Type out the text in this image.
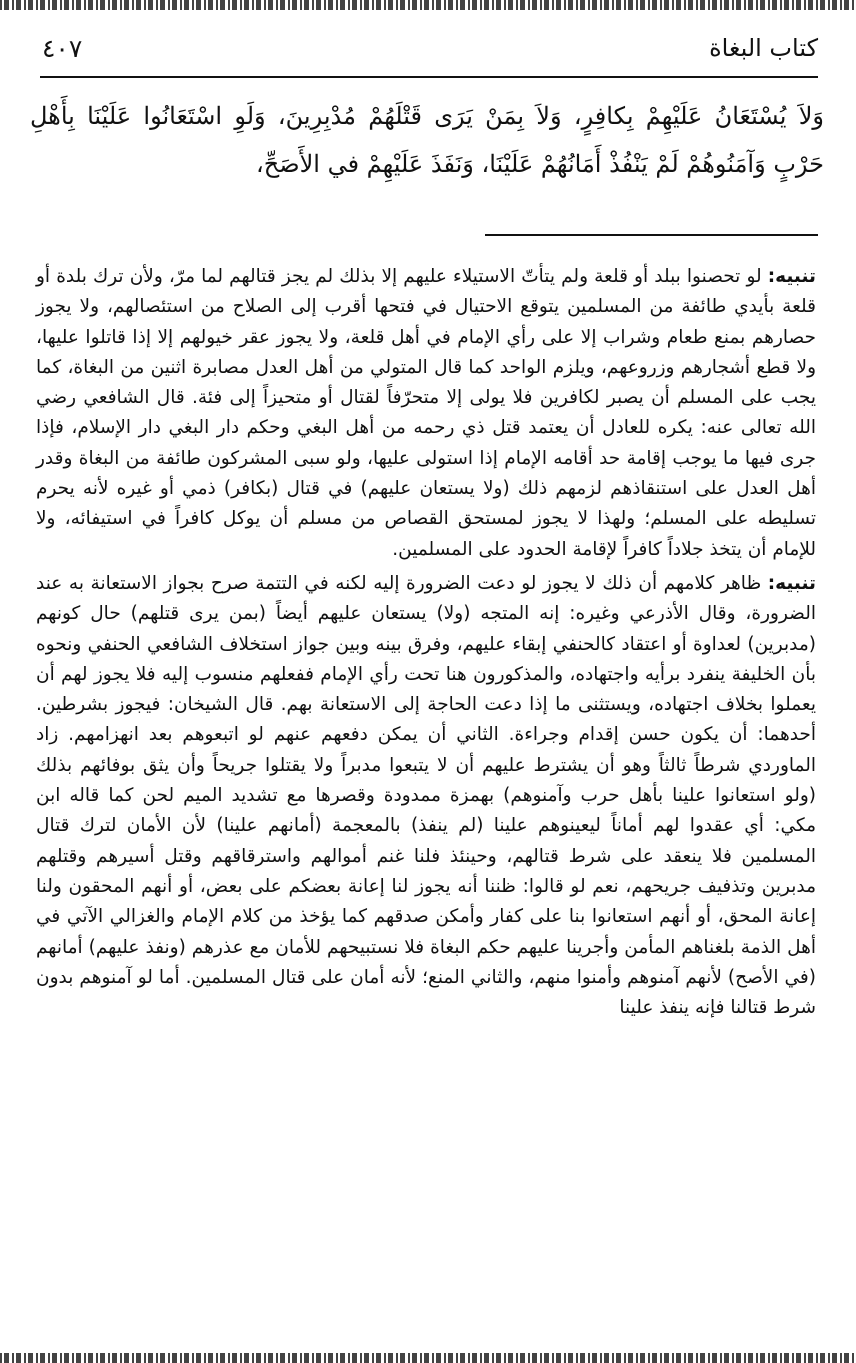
٤٠٧	كتاب البغاة

وَلاَ يُسْتَعَانُ عَلَيْهِمْ بِكافِرٍ، وَلاَ بِمَنْ يَرَى قَتْلَهُمْ مُدْبِرِينَ، وَلَوِ اسْتَعَانُوا عَلَيْنَا بِأَهْلِ حَرْبٍ وَآمَنُوهُمْ لَمْ يَنْفُذْ أَمَانُهُمْ عَلَيْنَا، وَنَفَذَ عَلَيْهِمْ في الأَصَحِّ،

تنبيه: لو تحصنوا ببلد أو قلعة ولم يتأتّ الاستيلاء عليهم إلا بذلك لم يجز قتالهم لما مرّ، ولأن ترك بلدة أو قلعة بأيدي طائفة من المسلمين يتوقع الاحتيال في فتحها أقرب إلى الصلاح من استئصالهم، ولا يجوز حصارهم بمنع طعام وشراب إلا على رأي الإمام في أهل قلعة، ولا يجوز عقر خيولهم إلا إذا قاتلوا عليها، ولا قطع أشجارهم وزروعهم، ويلزم الواحد كما قال المتولي من أهل العدل مصابرة اثنين من البغاة، كما يجب على المسلم أن يصبر لكافرين فلا يولى إلا متحرّفاً لقتال أو متحيزاً إلى فئة. قال الشافعي رضي الله تعالى عنه: يكره للعادل أن يعتمد قتل ذي رحمه من أهل البغي وحكم دار البغي دار الإسلام، فإذا جرى فيها ما يوجب إقامة حد أقامه الإمام إذا استولى عليها، ولو سبى المشركون طائفة من البغاة وقدر أهل العدل على استنقاذهم لزمهم ذلك (ولا يستعان عليهم) في قتال (بكافر) ذمي أو غيره لأنه يحرم تسليطه على المسلم؛ ولهذا لا يجوز لمستحق القصاص من مسلم أن يوكل كافراً في استيفائه، ولا للإمام أن يتخذ جلاداً كافراً لإقامة الحدود على المسلمين.

تنبيه: ظاهر كلامهم أن ذلك لا يجوز لو دعت الضرورة إليه لكنه في التتمة صرح بجواز الاستعانة به عند الضرورة، وقال الأذرعي وغيره: إنه المتجه (ولا) يستعان عليهم أيضاً (بمن يرى قتلهم) حال كونهم (مدبرين) لعداوة أو اعتقاد كالحنفي إبقاء عليهم، وفرق بينه وبين جواز استخلاف الشافعي الحنفي ونحوه بأن الخليفة ينفرد برأيه واجتهاده، والمذكورون هنا تحت رأي الإمام ففعلهم منسوب إليه فلا يجوز لهم أن يعملوا بخلاف اجتهاده، ويستثنى ما إذا دعت الحاجة إلى الاستعانة بهم. قال الشيخان: فيجوز بشرطين. أحدهما: أن يكون حسن إقدام وجراءة. الثاني أن يمكن دفعهم عنهم لو اتبعوهم بعد انهزامهم. زاد الماوردي شرطاً ثالثاً وهو أن يشترط عليهم أن لا يتبعوا مدبراً ولا يقتلوا جريحاً وأن يثق بوفائهم بذلك (ولو استعانوا علينا بأهل حرب وآمنوهم) بهمزة ممدودة وقصرها مع تشديد الميم لحن كما قاله ابن مكي: أي عقدوا لهم أماناً ليعينوهم علينا (لم ينفذ) بالمعجمة (أمانهم علينا) لأن الأمان لترك قتال المسلمين فلا ينعقد على شرط قتالهم، وحينئذ فلنا غنم أموالهم واسترقاقهم وقتل أسيرهم وقتلهم مدبرين وتذفيف جريحهم، نعم لو قالوا: ظننا أنه يجوز لنا إعانة بعضكم على بعض، أو أنهم المحقون ولنا إعانة المحق، أو أنهم استعانوا بنا على كفار وأمكن صدقهم كما يؤخذ من كلام الإمام والغزالي الآتي في أهل الذمة بلغناهم المأمن وأجرينا عليهم حكم البغاة فلا نستبيحهم للأمان مع عذرهم (ونفذ عليهم) أمانهم (في الأصح) لأنهم آمنوهم وأمنوا منهم، والثاني المنع؛ لأنه أمان على قتال المسلمين. أما لو آمنوهم بدون شرط قتالنا فإنه ينفذ علينا
